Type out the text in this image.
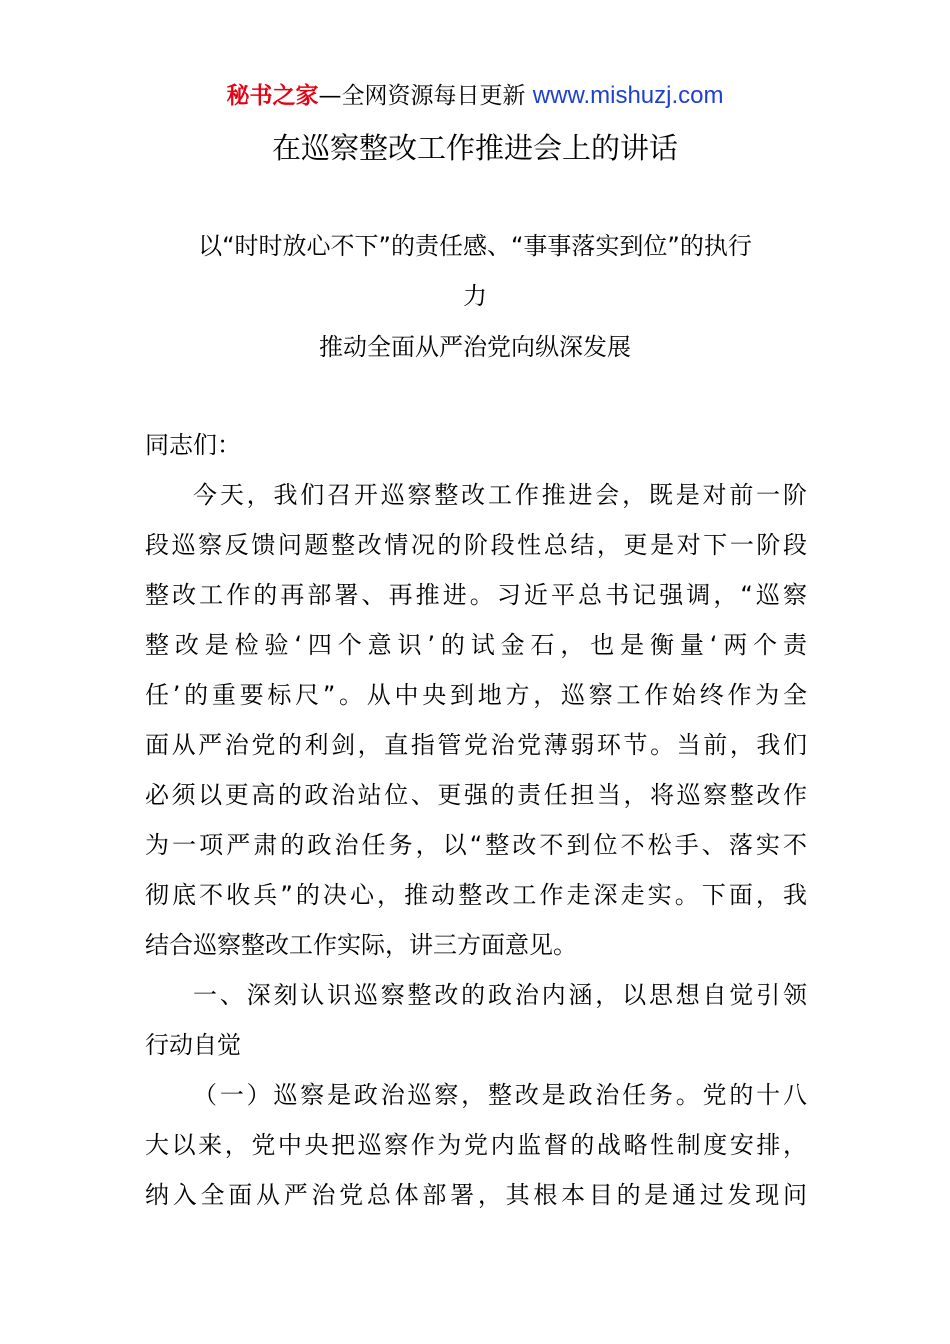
秘书之家—全网资源每日更新 www.mishuzj.com
在巡察整改工作推进会上的讲话
以“时时放心不下”的责任感、“事事落实到位”的执行
力
推动全面从严治党向纵深发展
同志们：
今天，我们召开巡察整改工作推进会，既是对前一阶
段巡察反馈问题整改情况的阶段性总结，更是对下一阶段
整改工作的再部署、再推进。习近平总书记强调，“巡察
整改是检验‘四个意识’的试金石，也是衡量‘两个责
任’的重要标尺”。从中央到地方，巡察工作始终作为全
面从严治党的利剑，直指管党治党薄弱环节。当前，我们
必须以更高的政治站位、更强的责任担当，将巡察整改作
为一项严肃的政治任务，以“整改不到位不松手、落实不
彻底不收兵”的决心，推动整改工作走深走实。下面，我
结合巡察整改工作实际，讲三方面意见。
一、深刻认识巡察整改的政治内涵，以思想自觉引领
行动自觉
（一）巡察是政治巡察，整改是政治任务。党的十八
大以来，党中央把巡察作为党内监督的战略性制度安排，
纳入全面从严治党总体部署，其根本目的是通过发现问
